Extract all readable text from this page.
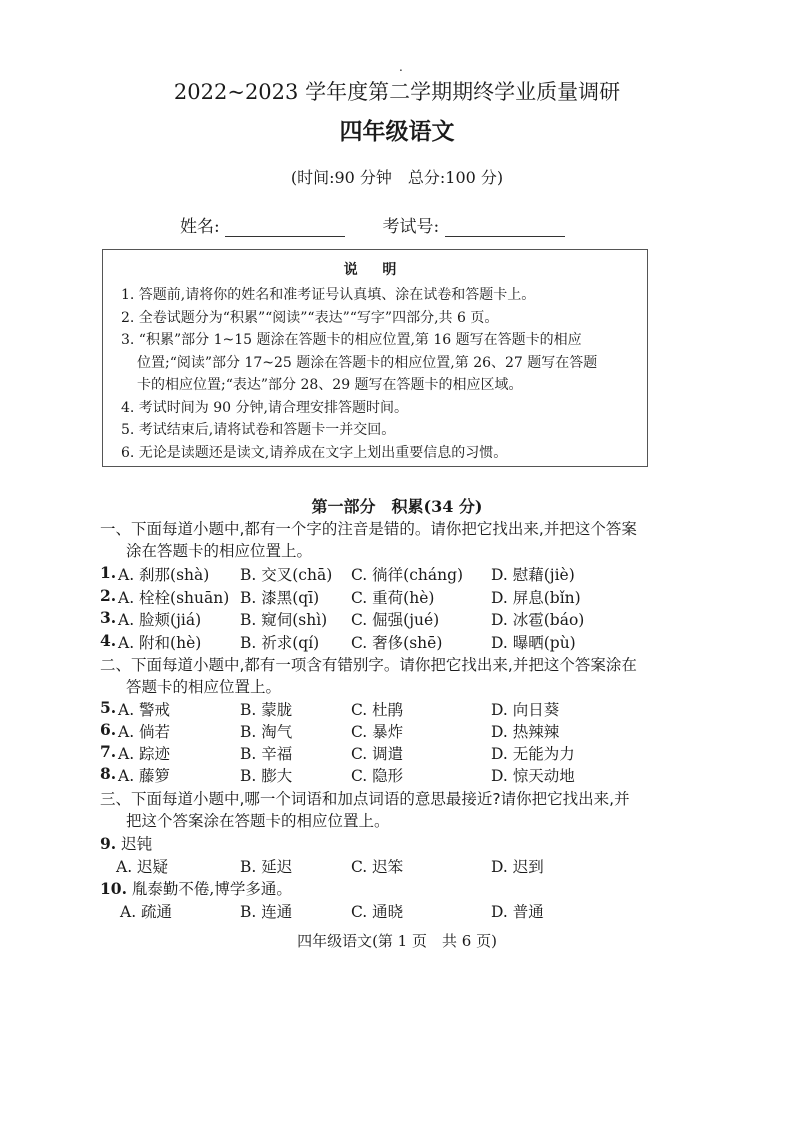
.
2022~2023 学年度第二学期期终学业质量调研
四年级语文
(时间:90 分钟　总分:100 分)
姓名:	考试号:
说 明
1. 答题前,请将你的姓名和准考证号认真填、涂在试卷和答题卡上。
2. 全卷试题分为“积累”“阅读”“表达”“写字”四部分,共 6 页。
3. “积累”部分 1~15 题涂在答题卡的相应位置,第 16 题写在答题卡的相应
位置;“阅读”部分 17~25 题涂在答题卡的相应位置,第 26、27 题写在答题
卡的相应位置;“表达”部分 28、29 题写在答题卡的相应区域。
4. 考试时间为 90 分钟,请合理安排答题时间。
5. 考试结束后,请将试卷和答题卡一并交回。
6. 无论是读题还是读文,请养成在文字上划出重要信息的习惯。
第一部分　积累(34 分)
一、下面每道小题中,都有一个字的注音是错的。请你把它找出来,并把这个答案
涂在答题卡的相应位置上。
1. A. 刹那(shà) B. 交叉(chā) C. 徜徉(cháng) D. 慰藉(jiè)
2. A. 栓栓(shuān) B. 漆黑(qī) C. 重荷(hè)	D. 屏息(bǐn)
3. A. 脸颊(jiá)	B. 窥伺(shì) C. 倔强(jué)	D. 冰雹(báo)
4. A. 附和(hè) B. 祈求(qí) C. 奢侈(shē)	D. 曝晒(pù)
二、下面每道小题中,都有一项含有错别字。请你把它找出来,并把这个答案涂在
答题卡的相应位置上。
5. A. 警戒	B. 蒙胧	C. 杜鹃	D. 向日葵
6. A. 倘若	B. 淘气	C. 暴炸	D. 热辣辣
7. A. 踪迹	B. 辛福	C. 调遣	D. 无能为力
8. A. 藤箩	B. 膨大	C. 隐形	D. 惊天动地
三、下面每道小题中,哪一个词语和加点词语的意思最接近?请你把它找出来,并
把这个答案涂在答题卡的相应位置上。
9. 迟钝
A. 迟疑	B. 延迟	C. 迟笨	D. 迟到
10. 胤泰勤不倦,博学多通。
A. 疏通	B. 连通	C. 通晓	D. 普通
四年级语文(第 1 页　共 6 页)
